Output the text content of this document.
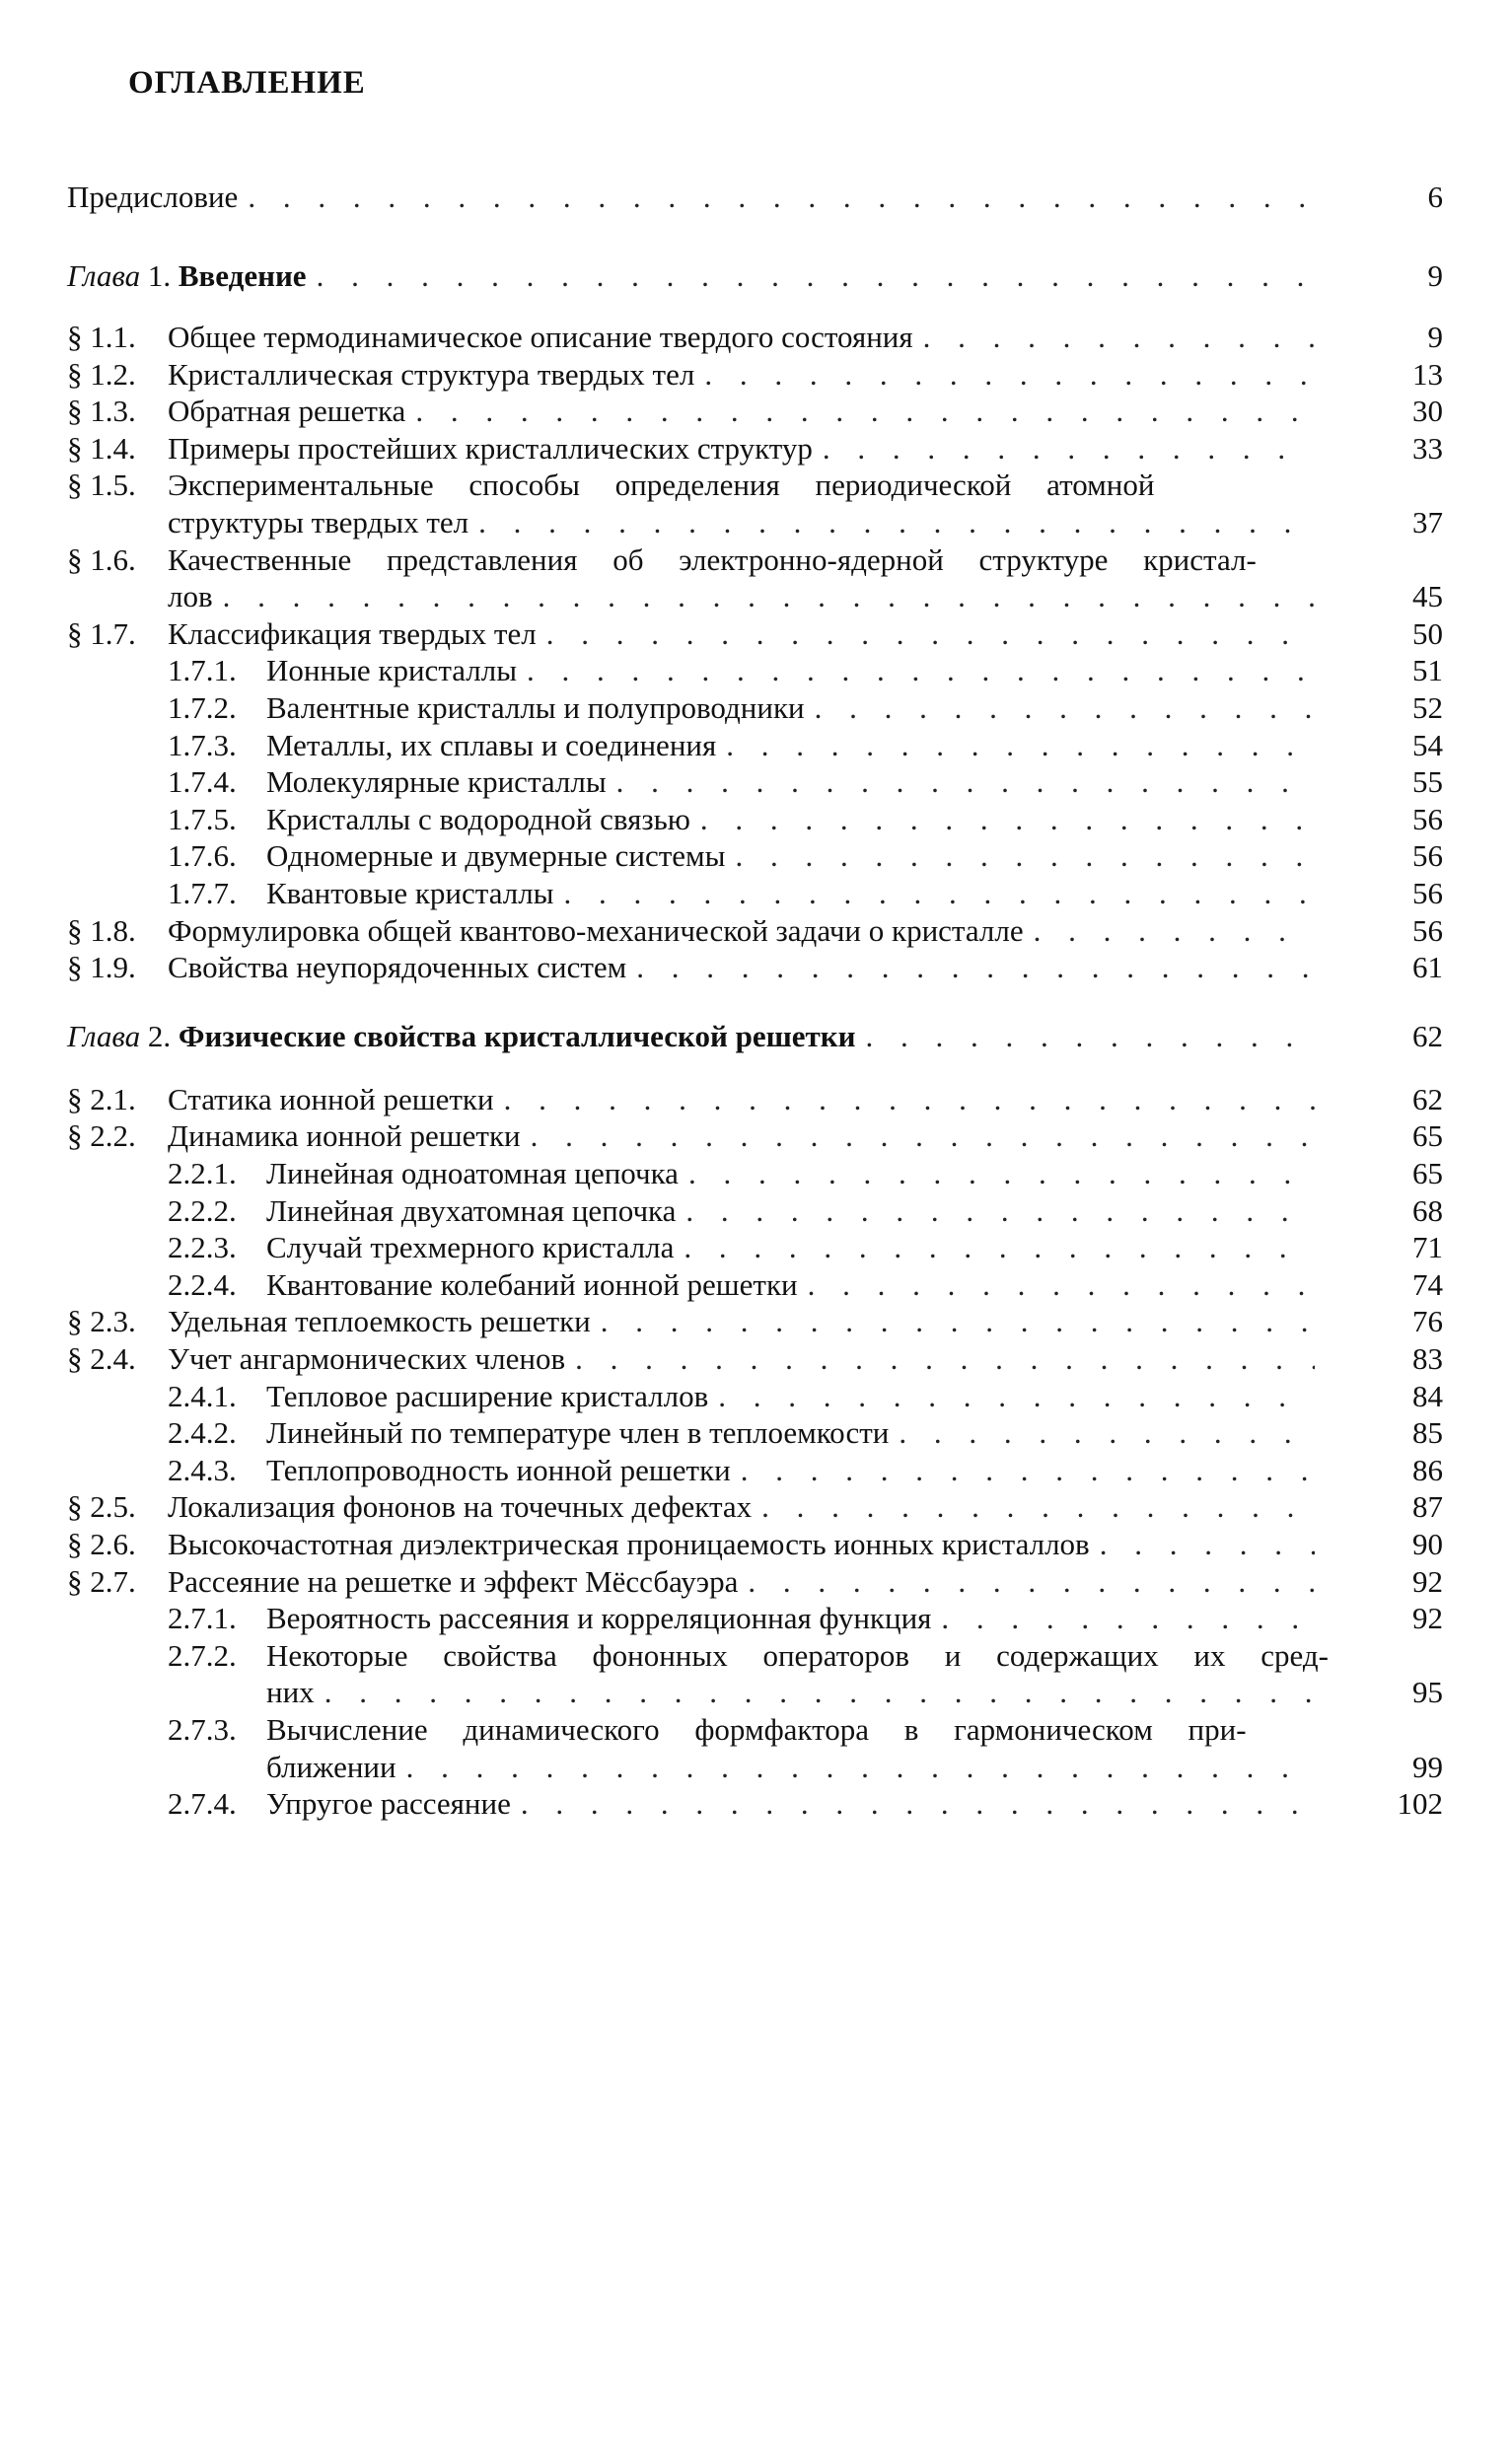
ОГЛАВЛЕНИЕ
Предисловие . . .	6
Глава 1. Введение . . .	9
§ 1.1.	Общее термодинамическое описание твердого состояния . . .	9
§ 1.2.	Кристаллическая структура твердых тел . . .	13
§ 1.3.	Обратная решетка . . .	30
§ 1.4.	Примеры простейших кристаллических структур . . .	33
§ 1.5.	Экспериментальные способы определения периодической атомной
структуры твердых тел . . .	37
§ 1.6.	Качественные представления об электронно-ядерной структуре кристал-
лов . . .	45
§ 1.7.	Классификация твердых тел . . .	50
1.7.1. Ионные кристаллы . . .	51
1.7.2. Валентные кристаллы и полупроводники . . .	52
1.7.3. Металлы, их сплавы и соединения . . .	54
1.7.4. Молекулярные кристаллы . . .	55
1.7.5. Кристаллы с водородной связью . . .	56
1.7.6. Одномерные и двумерные системы . . .	56
1.7.7. Квантовые кристаллы . . .	56
§ 1.8.	Формулировка общей квантово-механической задачи о кристалле . . .	56
§ 1.9.	Свойства неупорядоченных систем . . .	61
Глава 2. Физические свойства кристаллической решетки . . .	62
§ 2.1.	Статика ионной решетки . . .	62
§ 2.2.	Динамика ионной решетки . . .	65
2.2.1. Линейная одноатомная цепочка . . .	65
2.2.2. Линейная двухатомная цепочка . . .	68
2.2.3. Случай трехмерного кристалла . . .	71
2.2.4. Квантование колебаний ионной решетки . . .	74
§ 2.3.	Удельная теплоемкость решетки . . .	76
§ 2.4.	Учет ангармонических членов . . .	83
2.4.1. Тепловое расширение кристаллов . . .	84
2.4.2. Линейный по температуре член в теплоемкости . . .	85
2.4.3. Теплопроводность ионной решетки . . .	86
§ 2.5.	Локализация фононов на точечных дефектах . . .	87
§ 2.6.	Высокочастотная диэлектрическая проницаемость ионных кристаллов . . .	90
§ 2.7.	Рассеяние на решетке и эффект Мёссбауэра . . .	92
2.7.1. Вероятность рассеяния и корреляционная функция . . .	92
2.7.2. Некоторые свойства фононных операторов и содержащих их сред-
них . . .	95
2.7.3. Вычисление динамического формфактора в гармоническом при-
ближении . . .	99
2.7.4. Упругое рассеяние . . .	102
